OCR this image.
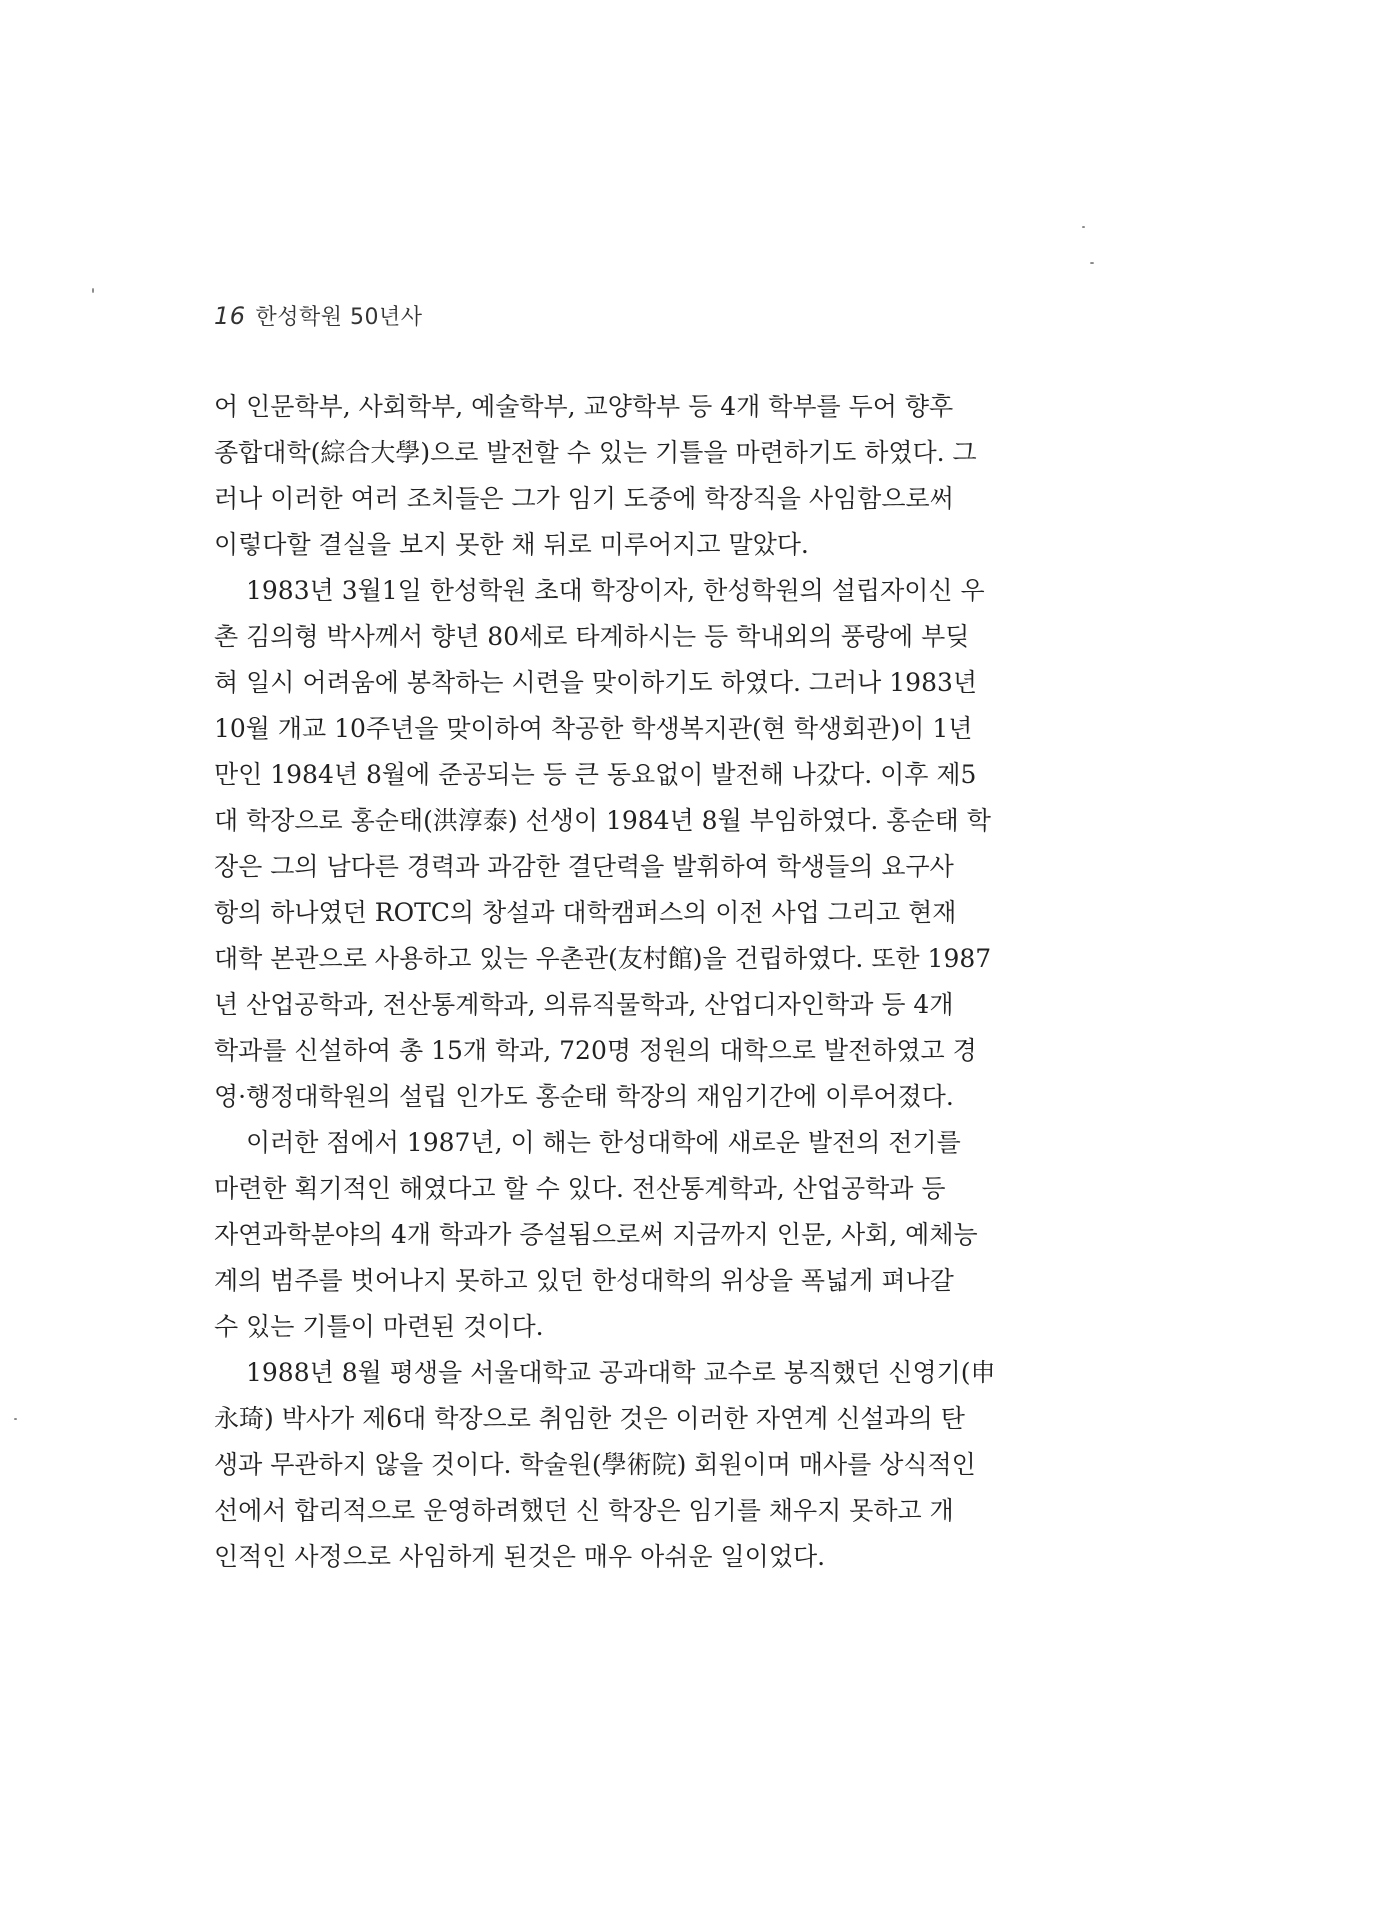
16 한성학원 50년사
어 인문학부, 사회학부, 예술학부, 교양학부 등 4개 학부를 두어 향후
종합대학(綜合大學)으로 발전할 수 있는 기틀을 마련하기도 하였다. 그
러나 이러한 여러 조치들은 그가 임기 도중에 학장직을 사임함으로써
이렇다할 결실을 보지 못한 채 뒤로 미루어지고 말았다.
1983년 3월1일 한성학원 초대 학장이자, 한성학원의 설립자이신 우
촌 김의형 박사께서 향년 80세로 타계하시는 등 학내외의 풍랑에 부딪
혀 일시 어려움에 봉착하는 시련을 맞이하기도 하였다. 그러나 1983년
10월 개교 10주년을 맞이하여 착공한 학생복지관(현 학생회관)이 1년
만인 1984년 8월에 준공되는 등 큰 동요없이 발전해 나갔다. 이후 제5
대 학장으로 홍순태(洪淳泰) 선생이 1984년 8월 부임하였다. 홍순태 학
장은 그의 남다른 경력과 과감한 결단력을 발휘하여 학생들의 요구사
항의 하나였던 ROTC의 창설과 대학캠퍼스의 이전 사업 그리고 현재
대학 본관으로 사용하고 있는 우촌관(友村館)을 건립하였다. 또한 1987
년 산업공학과, 전산통계학과, 의류직물학과, 산업디자인학과 등 4개
학과를 신설하여 총 15개 학과, 720명 정원의 대학으로 발전하였고 경
영·행정대학원의 설립 인가도 홍순태 학장의 재임기간에 이루어졌다.
이러한 점에서 1987년, 이 해는 한성대학에 새로운 발전의 전기를
마련한 획기적인 해였다고 할 수 있다. 전산통계학과, 산업공학과 등
자연과학분야의 4개 학과가 증설됨으로써 지금까지 인문, 사회, 예체능
계의 범주를 벗어나지 못하고 있던 한성대학의 위상을 폭넓게 펴나갈
수 있는 기틀이 마련된 것이다.
1988년 8월 평생을 서울대학교 공과대학 교수로 봉직했던 신영기(申
永琦) 박사가 제6대 학장으로 취임한 것은 이러한 자연계 신설과의 탄
생과 무관하지 않을 것이다. 학술원(學術院) 회원이며 매사를 상식적인
선에서 합리적으로 운영하려했던 신 학장은 임기를 채우지 못하고 개
인적인 사정으로 사임하게 된것은 매우 아쉬운 일이었다.
